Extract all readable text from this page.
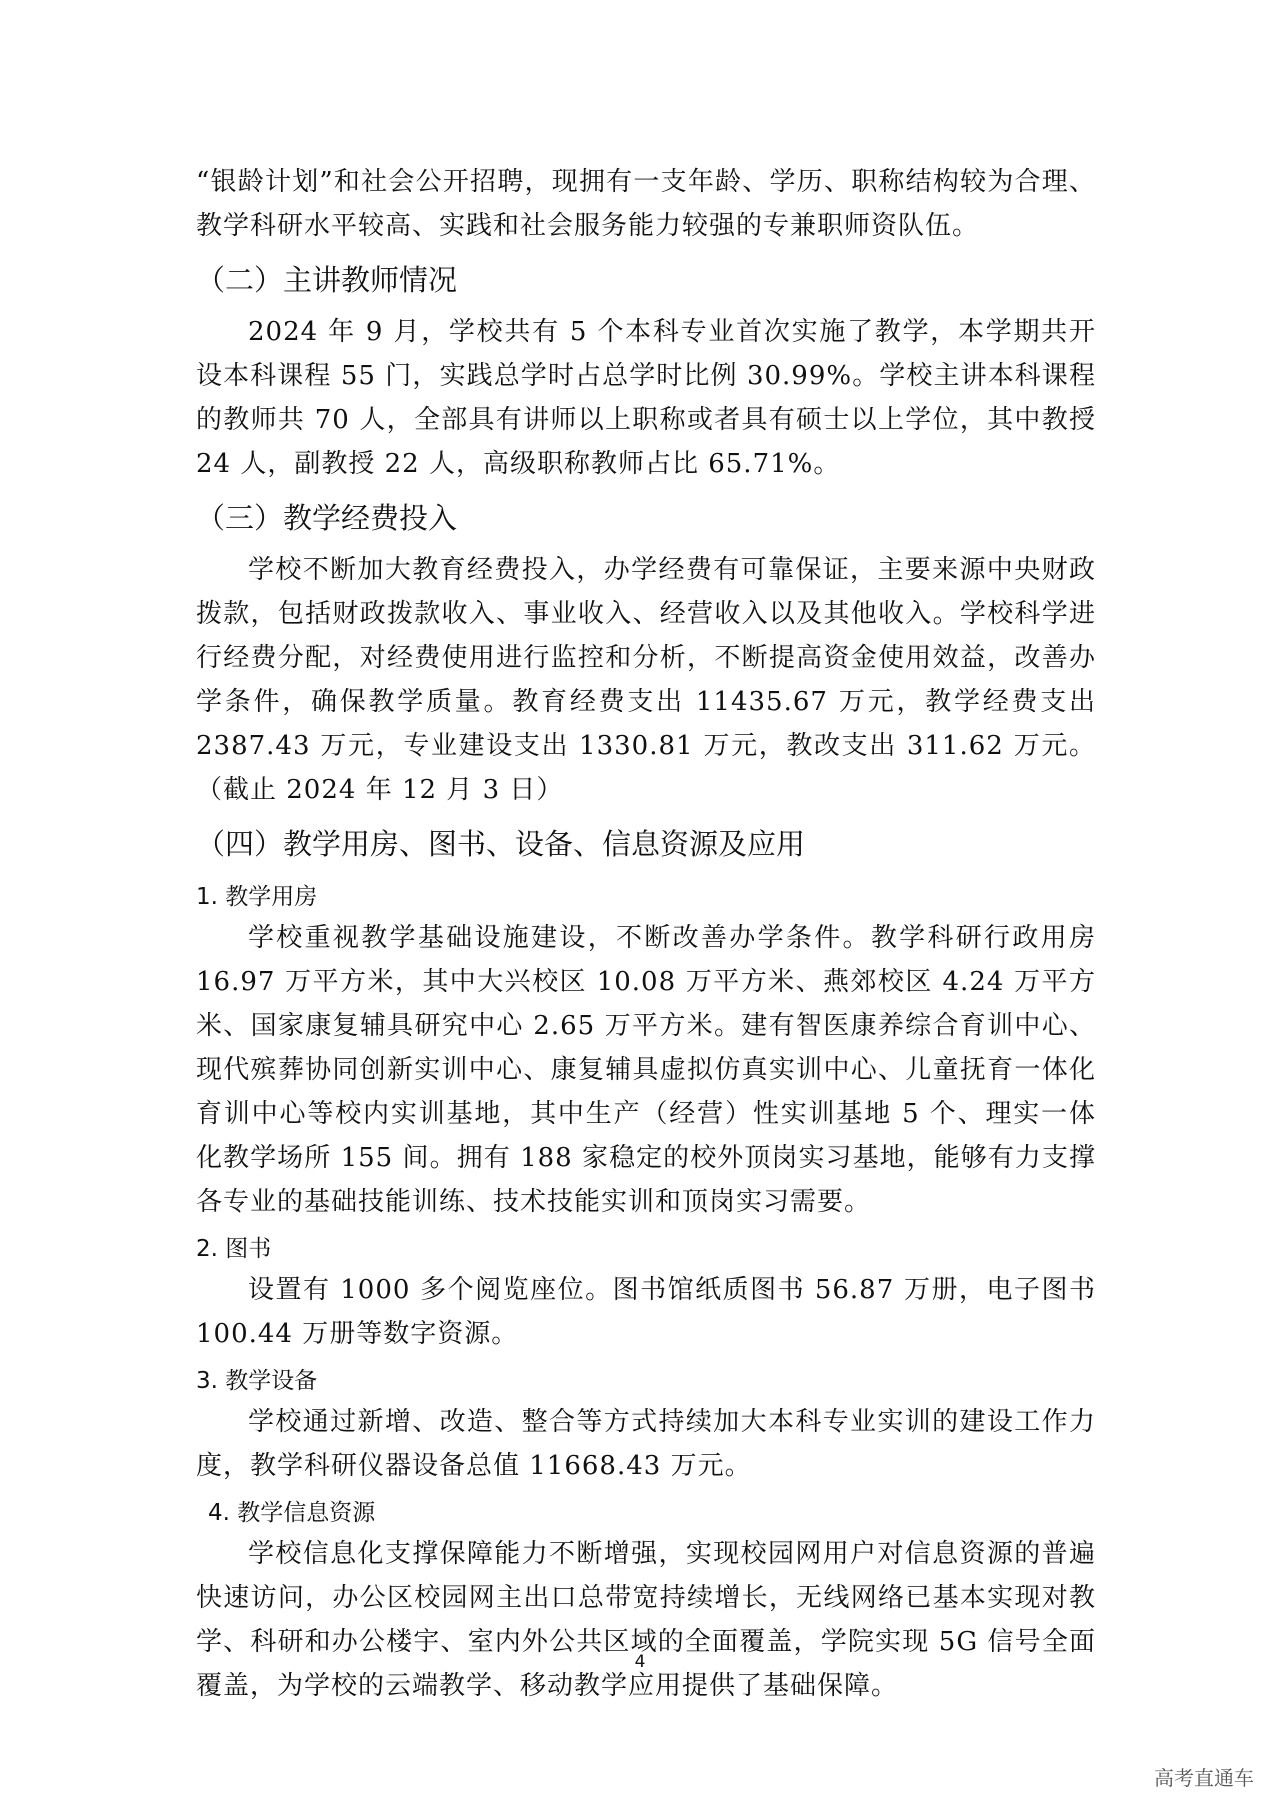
“银龄计划”和社会公开招聘，现拥有一支年龄、学历、职称结构较为合理、教学科研水平较高、实践和社会服务能力较强的专兼职师资队伍。

（二）主讲教师情况

2024 年 9 月，学校共有 5 个本科专业首次实施了教学，本学期共开设本科课程 55 门，实践总学时占总学时比例 30.99%。学校主讲本科课程的教师共 70 人，全部具有讲师以上职称或者具有硕士以上学位，其中教授 24 人，副教授 22 人，高级职称教师占比 65.71%。

（三）教学经费投入

学校不断加大教育经费投入，办学经费有可靠保证，主要来源中央财政拨款，包括财政拨款收入、事业收入、经营收入以及其他收入。学校科学进行经费分配，对经费使用进行监控和分析，不断提高资金使用效益，改善办学条件，确保教学质量。教育经费支出 11435.67 万元，教学经费支出 2387.43 万元，专业建设支出 1330.81 万元，教改支出 311.62 万元。（截止 2024 年 12 月 3 日）

（四）教学用房、图书、设备、信息资源及应用
1. 教学用房

学校重视教学基础设施建设，不断改善办学条件。教学科研行政用房 16.97 万平方米，其中大兴校区 10.08 万平方米、燕郊校区 4.24 万平方米、国家康复辅具研究中心 2.65 万平方米。建有智医康养综合育训中心、现代殡葬协同创新实训中心、康复辅具虚拟仿真实训中心、儿童抚育一体化育训中心等校内实训基地，其中生产（经营）性实训基地 5 个、理实一体化教学场所 155 间。拥有 188 家稳定的校外顶岗实习基地，能够有力支撑各专业的基础技能训练、技术技能实训和顶岗实习需要。

2. 图书

设置有 1000 多个阅览座位。图书馆纸质图书 56.87 万册，电子图书 100.44 万册等数字资源。

3. 教学设备

学校通过新增、改造、整合等方式持续加大本科专业实训的建设工作力度，教学科研仪器设备总值 11668.43 万元。

4. 教学信息资源

学校信息化支撑保障能力不断增强，实现校园网用户对信息资源的普遍快速访问，办公区校园网主出口总带宽持续增长，无线网络已基本实现对教学、科研和办公楼宇、室内外公共区域的全面覆盖，学院实现 5G 信号全面覆盖，为学校的云端教学、移动教学应用提供了基础保障。

4
高考直通车
